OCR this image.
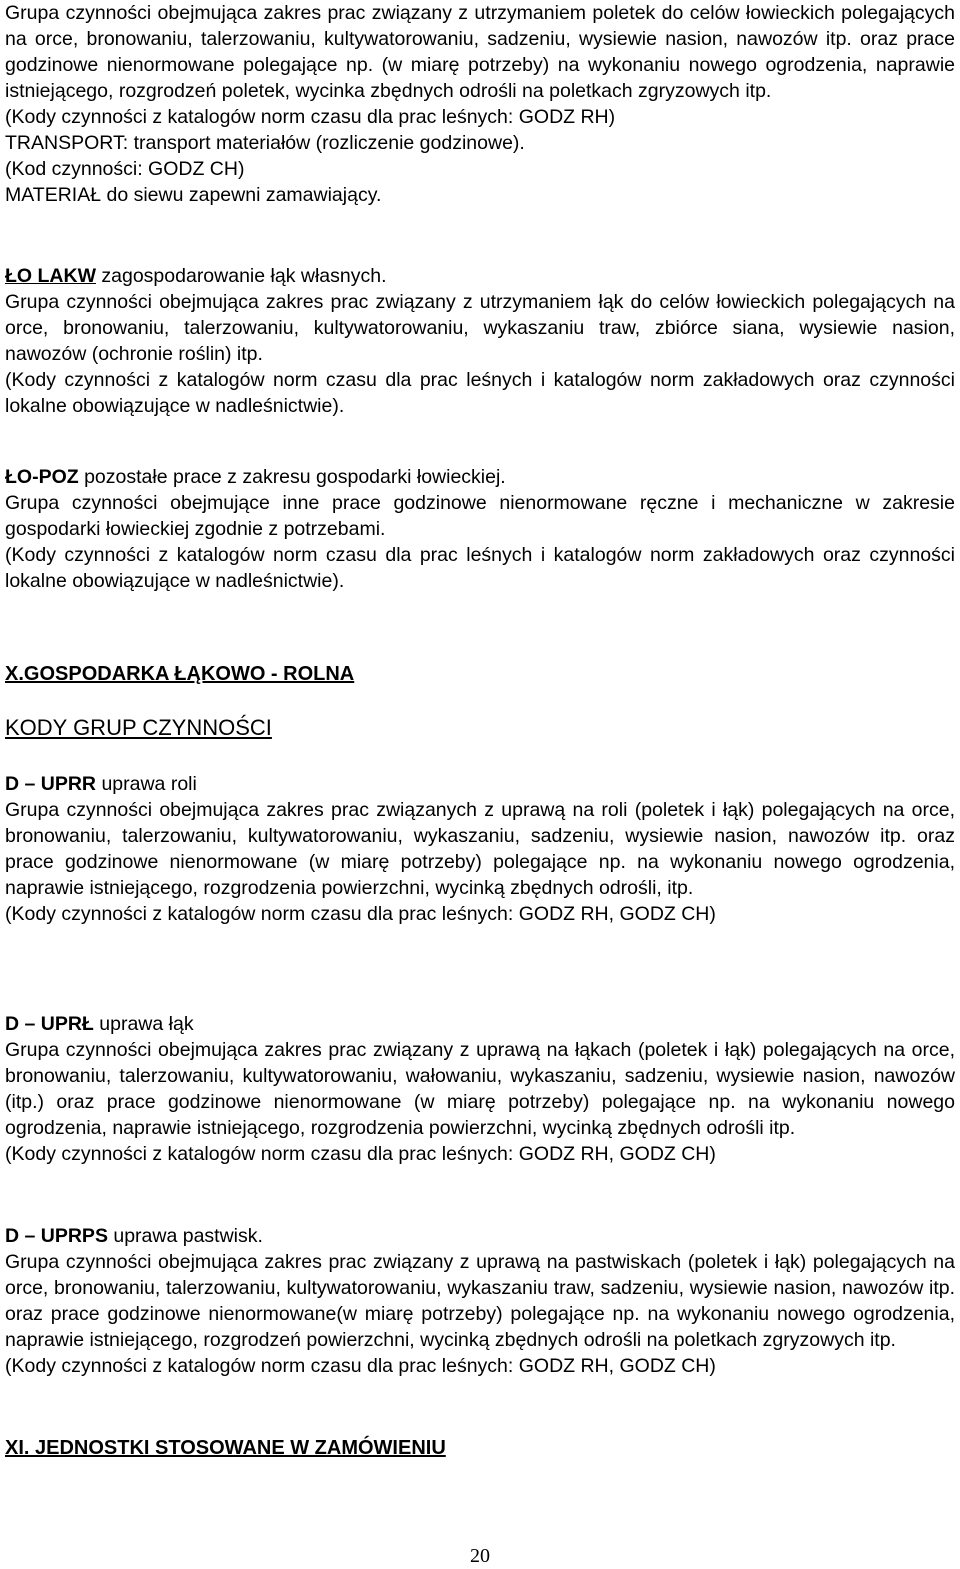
Grupa czynności obejmująca zakres prac związany z utrzymaniem poletek do celów łowieckich polegających na orce, bronowaniu, talerzowaniu, kultywatorowaniu, sadzeniu, wysiewie nasion, nawozów itp. oraz prace godzinowe nienormowane polegające np. (w miarę potrzeby) na wykonaniu nowego ogrodzenia, naprawie istniejącego, rozgrodzeń poletek, wycinka zbędnych odrośli na poletkach zgryzowych itp.

(Kody czynności z katalogów norm czasu dla prac leśnych: GODZ RH)

TRANSPORT: transport materiałów (rozliczenie godzinowe).

(Kod czynności: GODZ CH)

MATERIAŁ do siewu zapewni zamawiający.

ŁO LAKW zagospodarowanie łąk własnych.

Grupa czynności obejmująca zakres prac związany z utrzymaniem łąk do celów łowieckich polegających na orce, bronowaniu, talerzowaniu, kultywatorowaniu, wykaszaniu traw, zbiórce siana, wysiewie nasion, nawozów (ochronie roślin) itp.

(Kody czynności z katalogów norm czasu dla prac leśnych i katalogów norm zakładowych oraz czynności lokalne obowiązujące w nadleśnictwie).

ŁO-POZ pozostałe prace z zakresu gospodarki łowieckiej.

Grupa czynności obejmujące inne prace godzinowe nienormowane ręczne i mechaniczne w zakresie gospodarki łowieckiej zgodnie z potrzebami.

(Kody czynności z katalogów norm czasu dla prac leśnych i katalogów norm zakładowych oraz czynności lokalne obowiązujące w nadleśnictwie).

X.GOSPODARKA ŁĄKOWO - ROLNA

KODY GRUP CZYNNOŚCI

D – UPRR uprawa roli

Grupa czynności obejmująca zakres prac związanych z uprawą na roli (poletek i łąk) polegających na orce, bronowaniu, talerzowaniu, kultywatorowaniu, wykaszaniu, sadzeniu, wysiewie nasion, nawozów itp. oraz prace godzinowe nienormowane (w miarę potrzeby) polegające np. na wykonaniu nowego ogrodzenia, naprawie istniejącego, rozgrodzenia powierzchni, wycinką zbędnych odrośli, itp.

(Kody czynności z katalogów norm czasu dla prac leśnych: GODZ RH, GODZ CH)

D – UPRŁ uprawa łąk

Grupa czynności obejmująca zakres prac związany z uprawą na łąkach (poletek i łąk) polegających na orce, bronowaniu, talerzowaniu, kultywatorowaniu, wałowaniu, wykaszaniu, sadzeniu, wysiewie nasion, nawozów (itp.) oraz prace godzinowe nienormowane (w miarę potrzeby) polegające np. na wykonaniu nowego ogrodzenia, naprawie istniejącego, rozgrodzenia powierzchni, wycinką zbędnych odrośli itp.

(Kody czynności z katalogów norm czasu dla prac leśnych: GODZ RH, GODZ CH)

D – UPRPS uprawa pastwisk.

Grupa czynności obejmująca zakres prac związany z uprawą na pastwiskach (poletek i łąk) polegających na orce, bronowaniu, talerzowaniu, kultywatorowaniu, wykaszaniu traw, sadzeniu, wysiewie nasion, nawozów itp. oraz prace godzinowe nienormowane(w miarę potrzeby) polegające np. na wykonaniu nowego ogrodzenia, naprawie istniejącego, rozgrodzeń powierzchni, wycinką zbędnych odrośli na poletkach zgryzowych itp.

(Kody czynności z katalogów norm czasu dla prac leśnych: GODZ RH, GODZ CH)

XI. JEDNOSTKI STOSOWANE W ZAMÓWIENIU

20
